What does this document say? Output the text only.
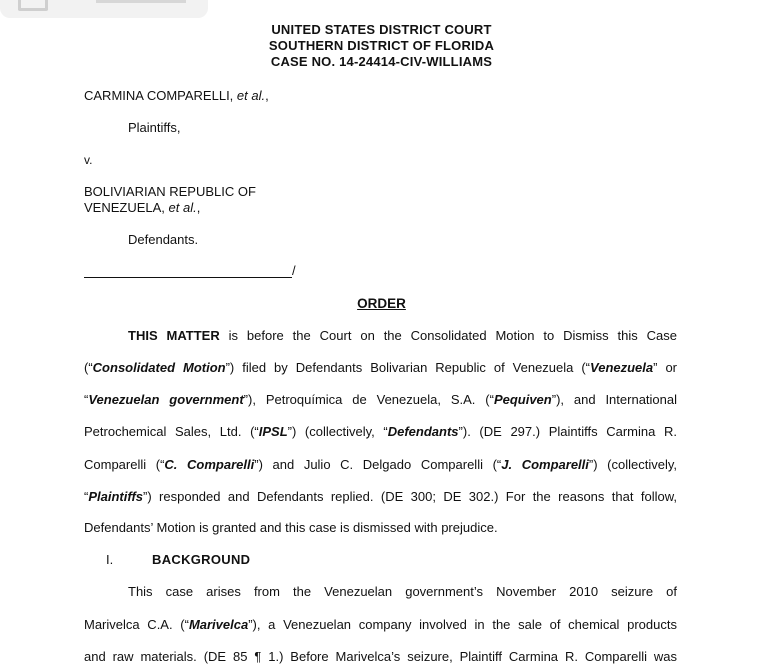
UNITED STATES DISTRICT COURT
SOUTHERN DISTRICT OF FLORIDA
CASE NO. 14-24414-CIV-WILLIAMS
CARMINA COMPARELLI, et al.,
Plaintiffs,
v.
BOLIVIARIAN REPUBLIC OF
VENEZUELA, et al.,
Defendants.
/
ORDER
THIS MATTER is before the Court on the Consolidated Motion to Dismiss this Case
(“Consolidated Motion”) filed by Defendants Bolivarian Republic of Venezuela (“Venezuela” or
“Venezuelan government”), Petroquímica de Venezuela, S.A. (“Pequiven”), and International
Petrochemical Sales, Ltd. (“IPSL”) (collectively, “Defendants”). (DE 297.) Plaintiffs Carmina R.
Comparelli (“C. Comparelli”) and Julio C. Delgado Comparelli (“J. Comparelli”) (collectively,
“Plaintiffs”) responded and Defendants replied. (DE 300; DE 302.) For the reasons that follow,
Defendants’ Motion is granted and this case is dismissed with prejudice.
I.	BACKGROUND
This case arises from the Venezuelan government’s November 2010 seizure of
Marivelca C.A. (“Marivelca”), a Venezuelan company involved in the sale of chemical products
and raw materials. (DE 85 ¶ 1.) Before Marivelca’s seizure, Plaintiff Carmina R. Comparelli was
